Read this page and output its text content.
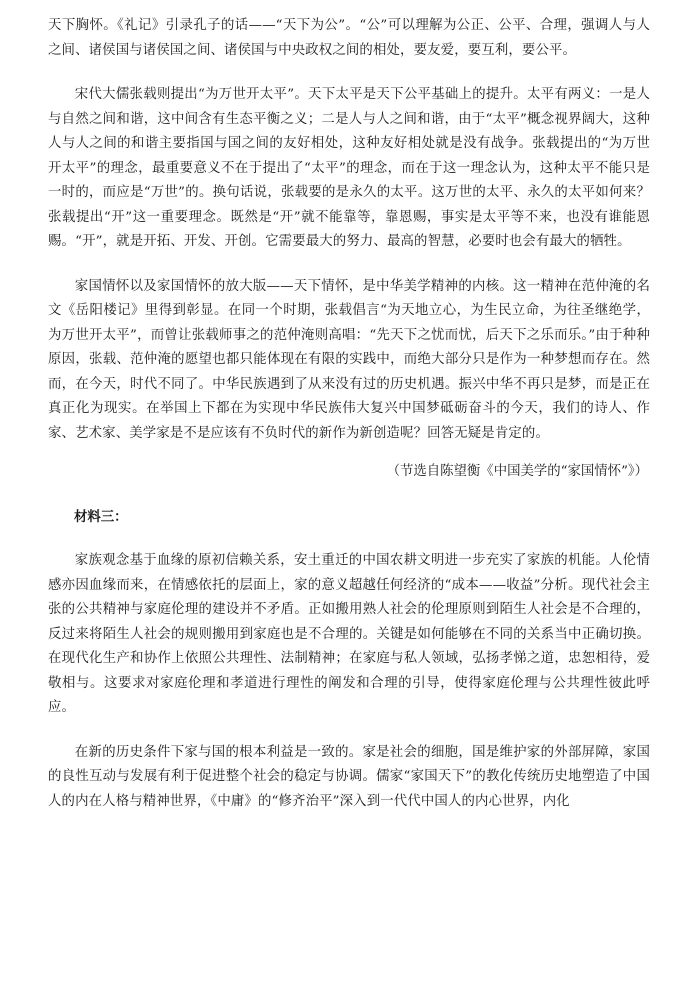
天下胸怀。《礼记》引录孔子的话——“天下为公”。“公”可以理解为公正、公平、合理，强调人与人之间、诸侯国与诸侯国之间、诸侯国与中央政权之间的相处，要友爱，要互利，要公平。

宋代大儒张载则提出“为万世开太平”。天下太平是天下公平基础上的提升。太平有两义：一是人与自然之间和谐，这中间含有生态平衡之义；二是人与人之间和谐，由于“太平”概念视界阔大，这种人与人之间的和谐主要指国与国之间的友好相处，这种友好相处就是没有战争。张载提出的“为万世开太平”的理念，最重要意义不在于提出了“太平”的理念，而在于这一理念认为，这种太平不能只是一时的，而应是“万世”的。换句话说，张载要的是永久的太平。这万世的太平、永久的太平如何来？张载提出“开”这一重要理念。既然是“开”就不能靠等，靠恩赐，事实是太平等不来，也没有谁能恩赐。“开”，就是开拓、开发、开创。它需要最大的努力、最高的智慧，必要时也会有最大的牺牲。

家国情怀以及家国情怀的放大版——天下情怀，是中华美学精神的内核。这一精神在范仲淹的名文《岳阳楼记》里得到彰显。在同一个时期，张载倡言“为天地立心，为生民立命，为往圣继绝学，为万世开太平”，而曾让张载师事之的范仲淹则高唱：“先天下之忧而忧，后天下之乐而乐。”由于种种原因，张载、范仲淹的愿望也都只能体现在有限的实践中，而绝大部分只是作为一种梦想而存在。然而，在今天，时代不同了。中华民族遇到了从来没有过的历史机遇。振兴中华不再只是梦，而是正在真正化为现实。在举国上下都在为实现中华民族伟大复兴中国梦砥砺奋斗的今天，我们的诗人、作家、艺术家、美学家是不是应该有不负时代的新作为新创造呢？回答无疑是肯定的。

（节选自陈望衡《中国美学的“家国情怀”》）

材料三：

家族观念基于血缘的原初信赖关系，安土重迁的中国农耕文明进一步充实了家族的机能。人伦情感亦因血缘而来，在情感依托的层面上，家的意义超越任何经济的“成本——收益”分析。现代社会主张的公共精神与家庭伦理的建设并不矛盾。正如搬用熟人社会的伦理原则到陌生人社会是不合理的，反过来将陌生人社会的规则搬用到家庭也是不合理的。关键是如何能够在不同的关系当中正确切换。在现代化生产和协作上依照公共理性、法制精神；在家庭与私人领域，弘扬孝悌之道，忠恕相待，爱敬相与。这要求对家庭伦理和孝道进行理性的阐发和合理的引导，使得家庭伦理与公共理性彼此呼应。

在新的历史条件下家与国的根本利益是一致的。家是社会的细胞，国是维护家的外部屏障，家国的良性互动与发展有利于促进整个社会的稳定与协调。儒家“家国天下”的教化传统历史地塑造了中国人的内在人格与精神世界，《中庸》的“修齐治平”深入到一代代中国人的内心世界，内化
